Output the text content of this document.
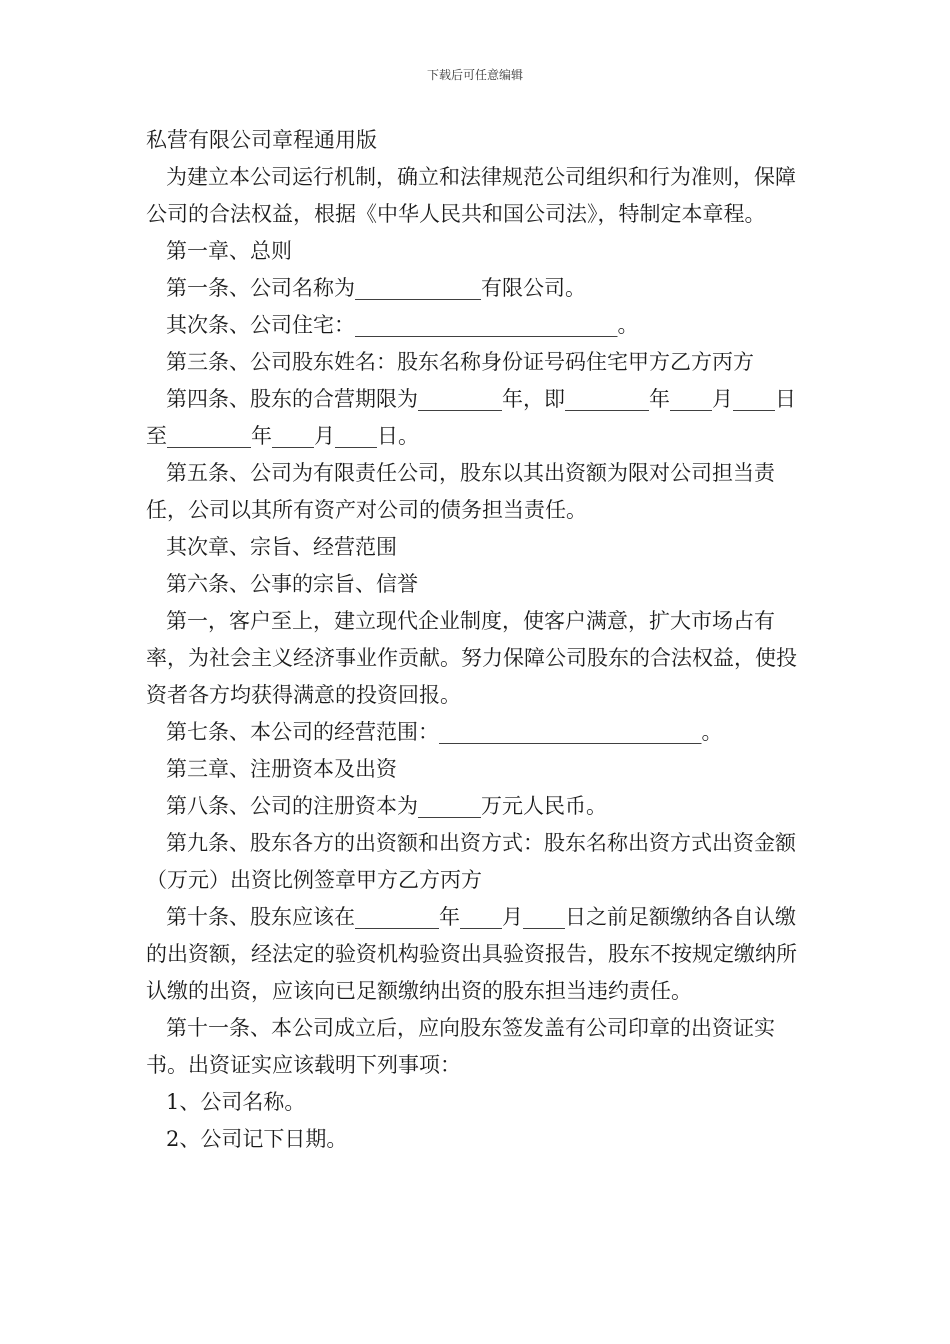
下载后可任意编辑

私营有限公司章程通用版

为建立本公司运行机制，确立和法律规范公司组织和行为准则，保障公司的合法权益，根据《中华人民共和国公司法》，特制定本章程。

第一章、总则

第一条、公司名称为____________有限公司。

其次条、公司住宅：_________________________。

第三条、公司股东姓名：股东名称身份证号码住宅甲方乙方丙方

第四条、股东的合营期限为________年，即________年____月____日至________年____月____日。

第五条、公司为有限责任公司，股东以其出资额为限对公司担当责任，公司以其所有资产对公司的债务担当责任。

其次章、宗旨、经营范围

第六条、公事的宗旨、信誉

第一，客户至上，建立现代企业制度，使客户满意，扩大市场占有率，为社会主义经济事业作贡献。努力保障公司股东的合法权益，使投资者各方均获得满意的投资回报。

第七条、本公司的经营范围：_________________________。

第三章、注册资本及出资

第八条、公司的注册资本为______万元人民币。

第九条、股东各方的出资额和出资方式：股东名称出资方式出资金额（万元）出资比例签章甲方乙方丙方

第十条、股东应该在________年____月____日之前足额缴纳各自认缴的出资额，经法定的验资机构验资出具验资报告，股东不按规定缴纳所认缴的出资，应该向已足额缴纳出资的股东担当违约责任。

第十一条、本公司成立后，应向股东签发盖有公司印章的出资证实书。出资证实应该载明下列事项：

1、公司名称。

2、公司记下日期。
